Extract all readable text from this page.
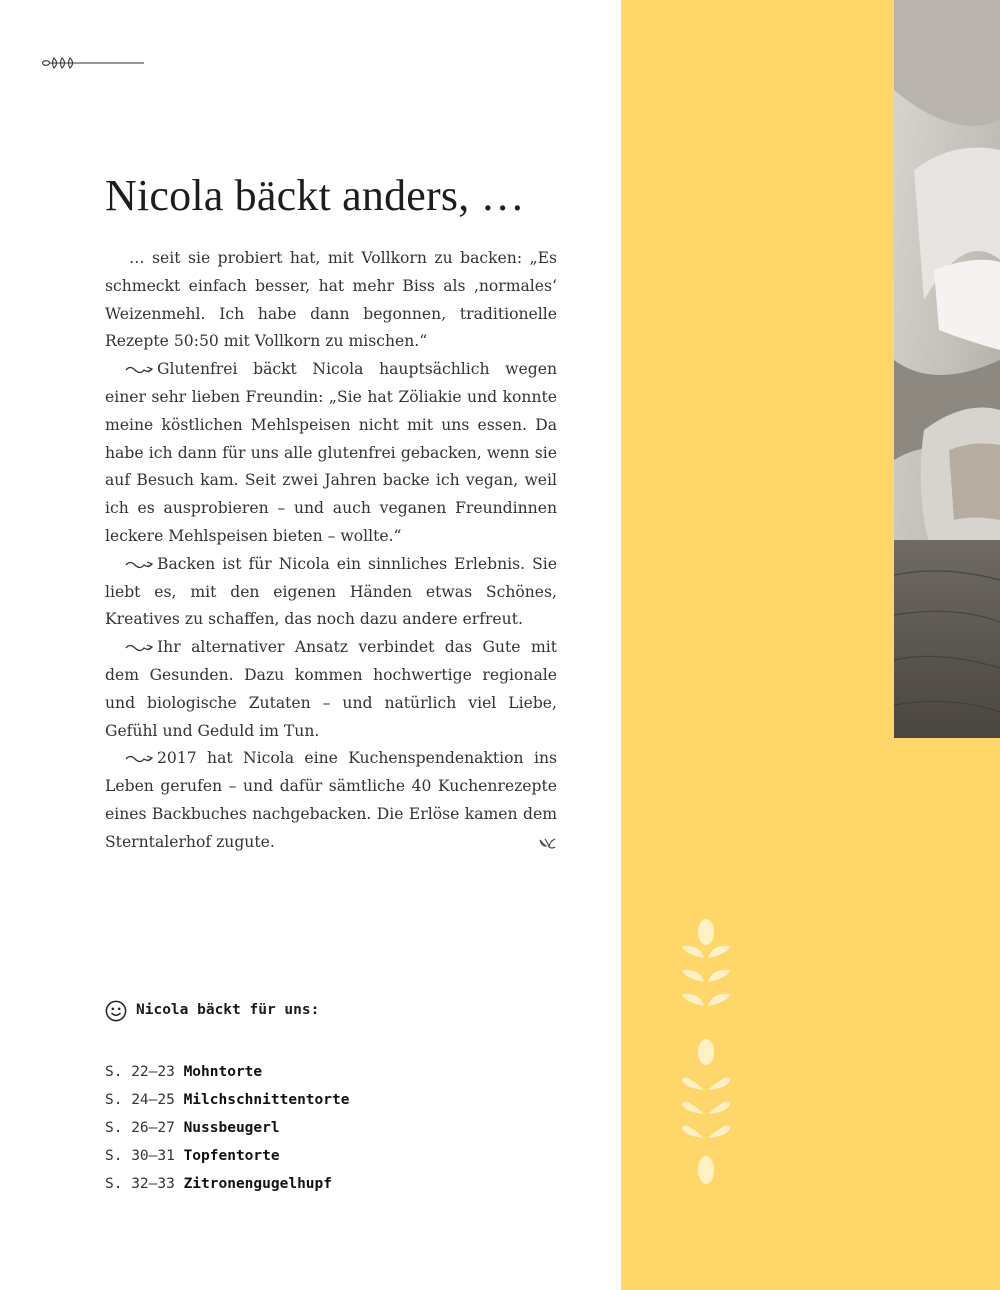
Nicola bäckt anders, …

… seit sie probiert hat, mit Vollkorn zu backen: „Es schmeckt einfach besser, hat mehr Biss als ‚normales‘ Weizenmehl. Ich habe dann begonnen, traditionelle Rezepte 50:50 mit Vollkorn zu mischen.“

Glutenfrei bäckt Nicola hauptsächlich wegen einer sehr lieben Freundin: „Sie hat Zöliakie und konnte meine köstlichen Mehlspeisen nicht mit uns essen. Da habe ich dann für uns alle glutenfrei gebacken, wenn sie auf Besuch kam. Seit zwei Jahren backe ich vegan, weil ich es ausprobieren – und auch veganen Freundinnen leckere Mehlspeisen bieten – wollte.“

Backen ist für Nicola ein sinnliches Erlebnis. Sie liebt es, mit den eigenen Händen etwas Schönes, Kreatives zu schaffen, das noch dazu andere erfreut.

Ihr alternativer Ansatz verbindet das Gute mit dem Gesunden. Dazu kommen hochwertige regionale und biologische Zutaten – und natürlich viel Liebe, Gefühl und Geduld im Tun.

2017 hat Nicola eine Kuchenspendenaktion ins Leben gerufen – und dafür sämtliche 40 Kuchenrezepte eines Backbuches nachgebacken. Die Erlöse kamen dem Sterntalerhof zugute.

Nicola bäckt für uns:
S. 22–23 Mohntorte
S. 24–25 Milchschnittentorte
S. 26–27 Nussbeugerl
S. 30–31 Topfentorte
S. 32–33 Zitronengugelhupf
